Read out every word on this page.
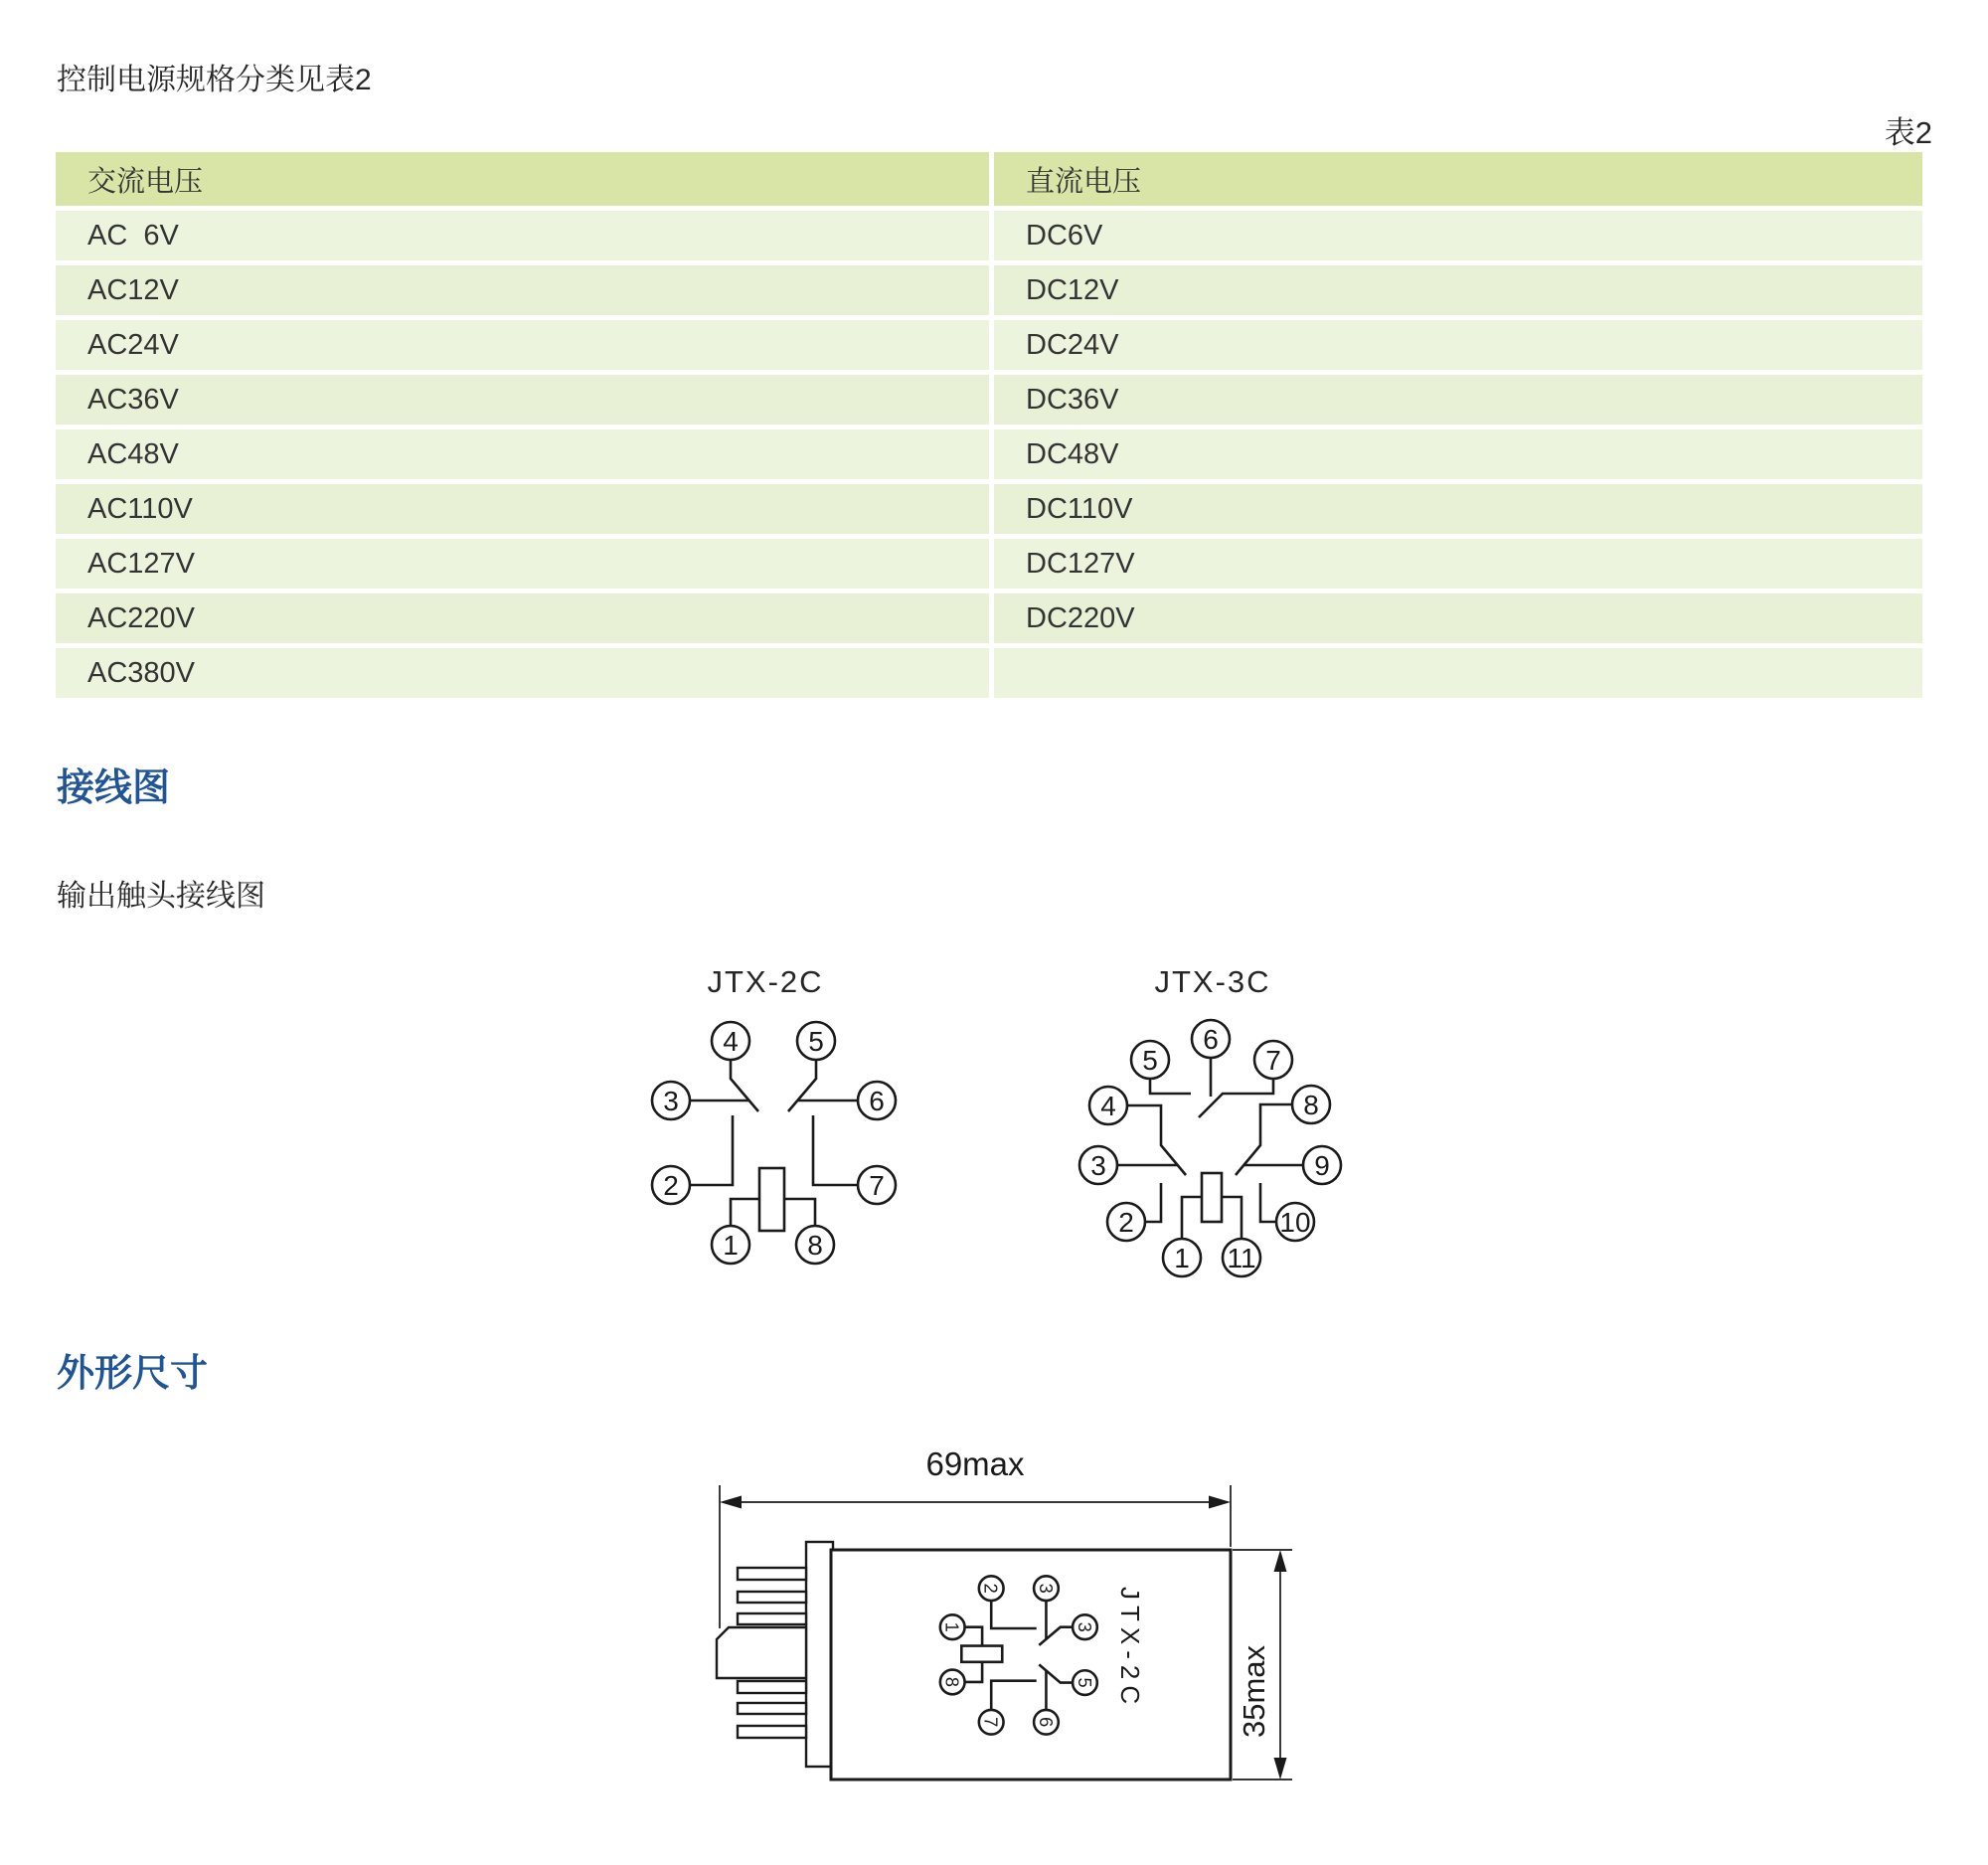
控制电源规格分类见表2
表2
交流电压	直流电压
AC  6V	DC6V
AC12V	DC12V
AC24V	DC24V
AC36V	DC36V
AC48V	DC48V
AC110V	DC110V
AC127V	DC127V
AC220V	DC220V
AC380V
接线图
输出触头接线图
外形尺寸
JTX-2C
1
2
3
4	5
6
7
8
JTX-3C
1
2
3
4
5
6
7
8
9
10
11
69max
1
2 3
3
5
6
7
8	JTX-2C	35max
